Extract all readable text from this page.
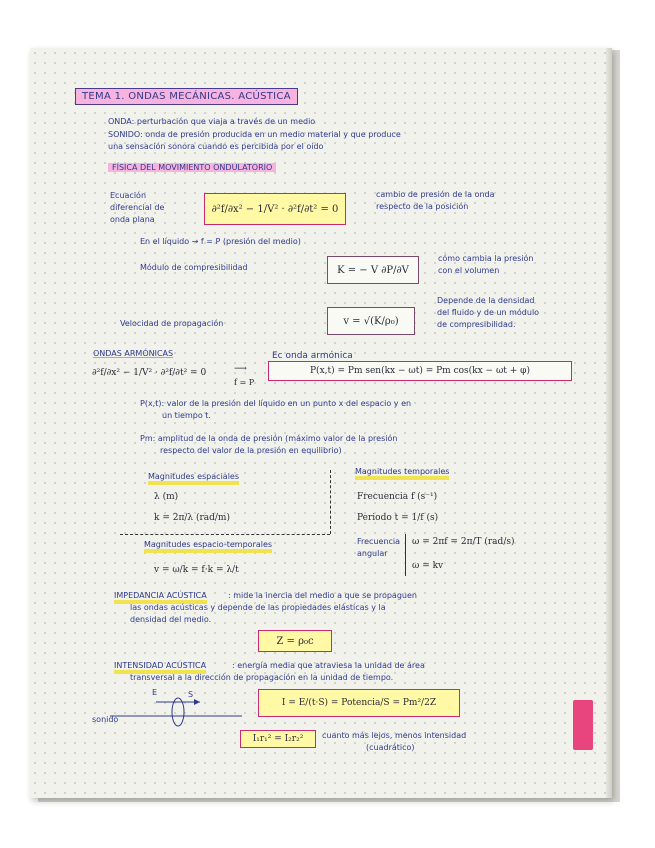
TEMA 1. ONDAS MECÁNICAS. ACÚSTICA
ONDA: perturbación que viaja a través de un medio
SONIDO: onda de presión producida en un medio material y que produce
una sensación sonora cuando es percibida por el oído
FÍSICA DEL MOVIMIENTO ONDULATORIO
Ecuación
diferencial de
onda plana
∂²f/∂x² − 1/V² · ∂²f/∂t² = 0
cambio de presión de la onda
respecto de la posición
En el líquido → f = P (presión del medio)
Módulo de compresibilidad	K = − V ∂P/∂V
cómo cambia la presión
con el volumen
Velocidad de propagación	v = √(K/ρ₀)
Depende de la densidad
del fluido y de un módulo
de compresibilidad.
ONDAS ARMÓNICAS	Ec onda armónica
∂²f/∂x² − 1/V² · ∂²f/∂t² = 0
f = P
⟶	P(x,t) = Pm sen(kx − ωt) = Pm cos(kx − ωt + φ)
P(x,t): valor de la presión del líquido en un punto x del espacio y en
un tiempo t.
Pm: amplitud de la onda de presión (máximo valor de la presión
respecto del valor de la presión en equilibrio)
Magnitudes espaciales
λ (m)
k = 2π/λ (rad/m)
Magnitudes espacio-temporales
v = ω/k = f·k = λ/t
Magnitudes temporales
Frecuencia f (s⁻¹)
Periodo t = 1/f (s)
Frecuencia
angular
ω = 2πf = 2π/T (rad/s)
ω = kv
IMPEDANCIA ACÚSTICA	: mide la inercia del medio a que se propaguen
las ondas acústicas y depende de las propiedades elásticas y la
densidad del medio.
Z = ρ₀c
INTENSIDAD ACÚSTICA	: energía media que atraviesa la unidad de área
transversal a la dirección de propagación en la unidad de tiempo.
E	S
sonido
I = E/(t·S) = Potencia/S = Pm²/2Z
I₁r₁² = I₂r₂²	cuanto más lejos, menos intensidad
(cuadrático)
